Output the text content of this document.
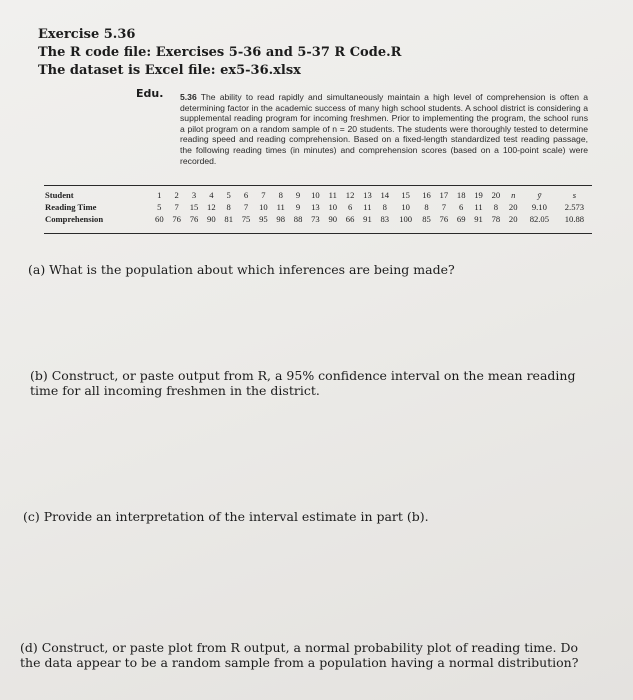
Exercise 5.36
The R code file: Exercises 5-36 and 5-37 R Code.R
The dataset is Excel file: ex5-36.xlsx
Edu. 5.36 The ability to read rapidly and simultaneously maintain a high level of comprehension is often a determining factor in the academic success of many high school students. A school district is considering a supplemental reading program for incoming freshmen. Prior to implementing the program, the school runs a pilot program on a random sample of n = 20 students. The students were thoroughly tested to determine reading speed and reading comprehension. Based on a fixed-length standardized test reading passage, the following reading times (in minutes) and comprehension scores (based on a 100-point scale) were recorded.
Student	1	2	3	4	5	6	7	8	9	10	11	12	13	14	15	16	17	18	19	20	n	ȳ	s
Reading Time	5	7	15	12	8	7	10	11	9	13	10	6	11	8	10	8	7	6	11	8	20	9.10	2.573
Comprehension	60	76	76	90	81	75	95	98	88	73	90	66	91	83	100	85	76	69	91	78	20	82.05	10.88
(a) What is the population about which inferences are being made?
(b) Construct, or paste output from R, a 95% confidence interval on the mean reading time for all incoming freshmen in the district.
(c) Provide an interpretation of the interval estimate in part (b).
(d) Construct, or paste plot from R output, a normal probability plot of reading time. Do the data appear to be a random sample from a population having a normal distribution?
